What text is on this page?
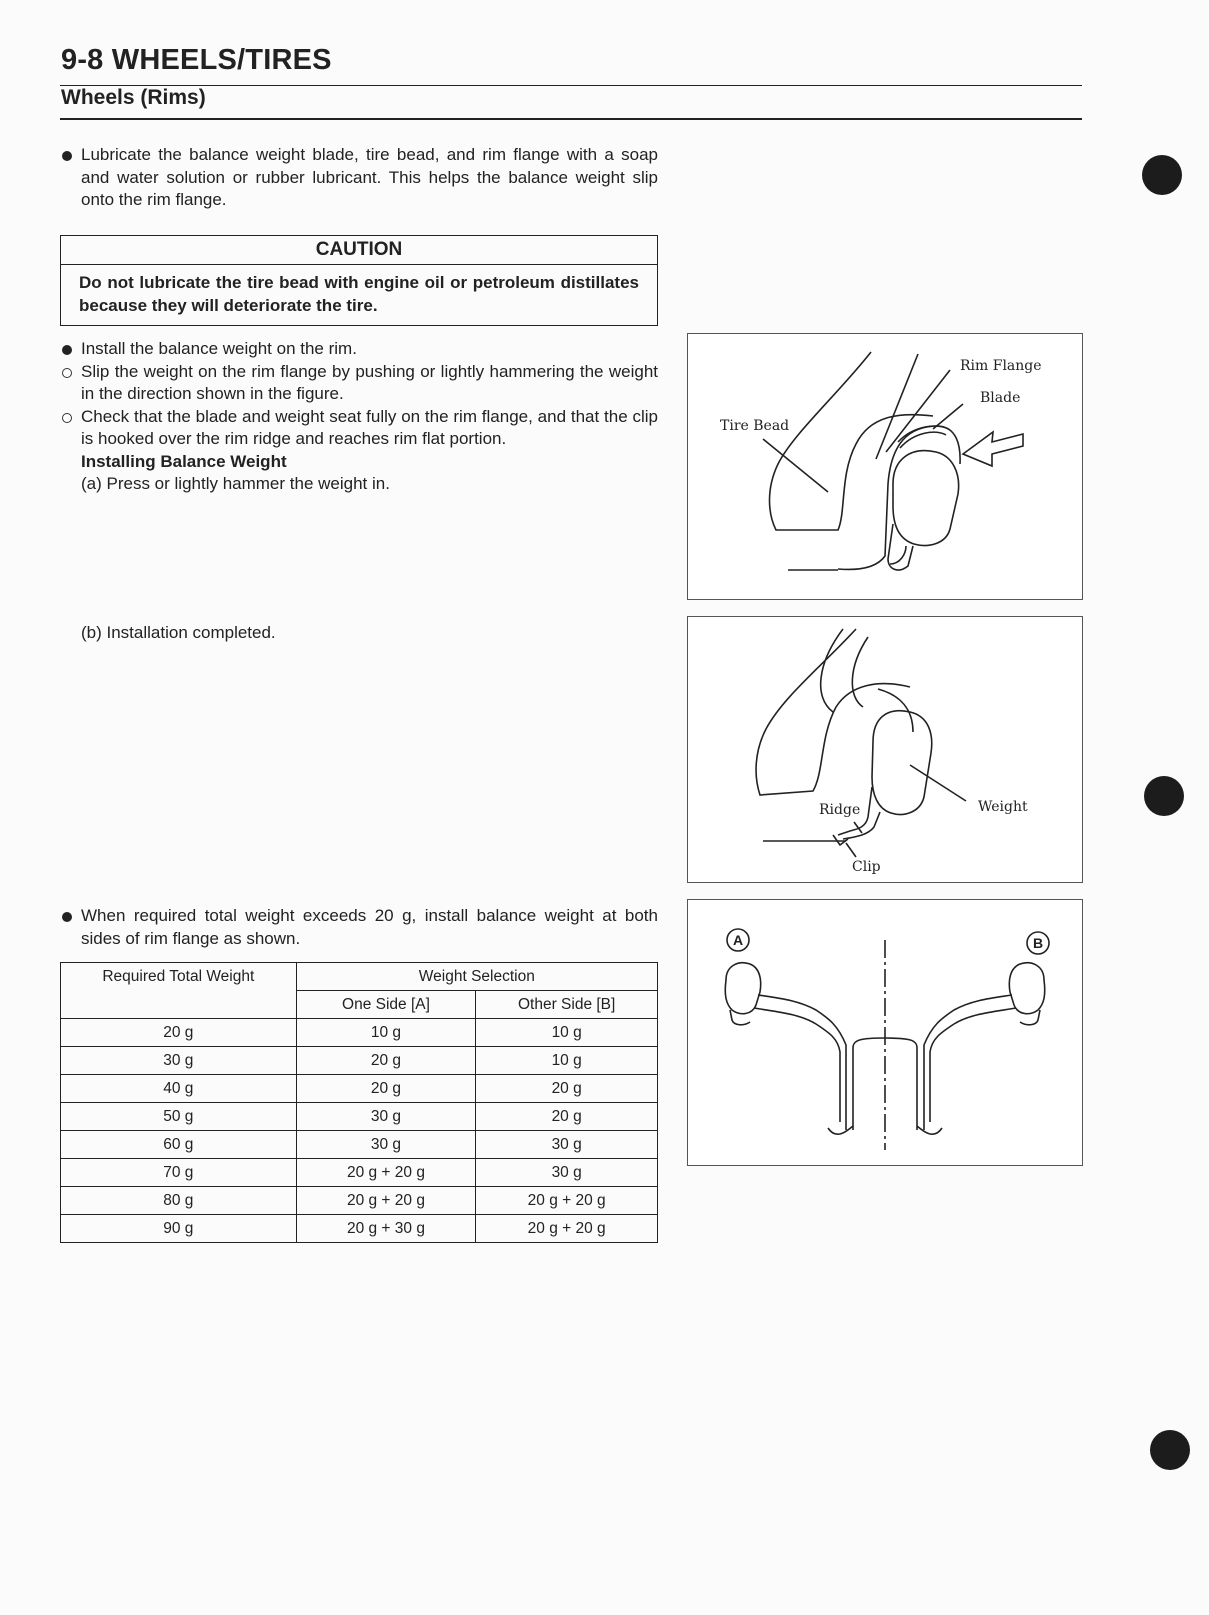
9-8 WHEELS/TIRES
Wheels (Rims)
Lubricate the balance weight blade, tire bead, and rim flange with a soap and water solution or rubber lubricant. This helps the balance weight slip onto the rim flange.
CAUTION
Do not lubricate the tire bead with engine oil or petroleum distillates because they will deteriorate the tire.
Install the balance weight on the rim.
Slip the weight on the rim flange by pushing or lightly hammering the weight in the direction shown in the figure.
Check that the blade and weight seat fully on the rim flange, and that the clip is hooked over the rim ridge and reaches rim flat portion.
Installing Balance Weight
(a) Press or lightly hammer the weight in.
(b) Installation completed.
When required total weight exceeds 20 g, install balance weight at both sides of rim flange as shown.
Rim Flange
Blade
Tire Bead
Ridge	Weight
Clip
A	B
Required Total Weight	Weight Selection	
	One Side [A]	Other Side [B]
20 g	10 g	10 g
30 g	20 g	10 g
40 g	20 g	20 g
50 g	30 g	20 g
60 g	30 g	30 g
70 g	20 g + 20 g	30 g
80 g	20 g + 20 g	20 g + 20 g
90 g	20 g + 30 g	20 g + 20 g
